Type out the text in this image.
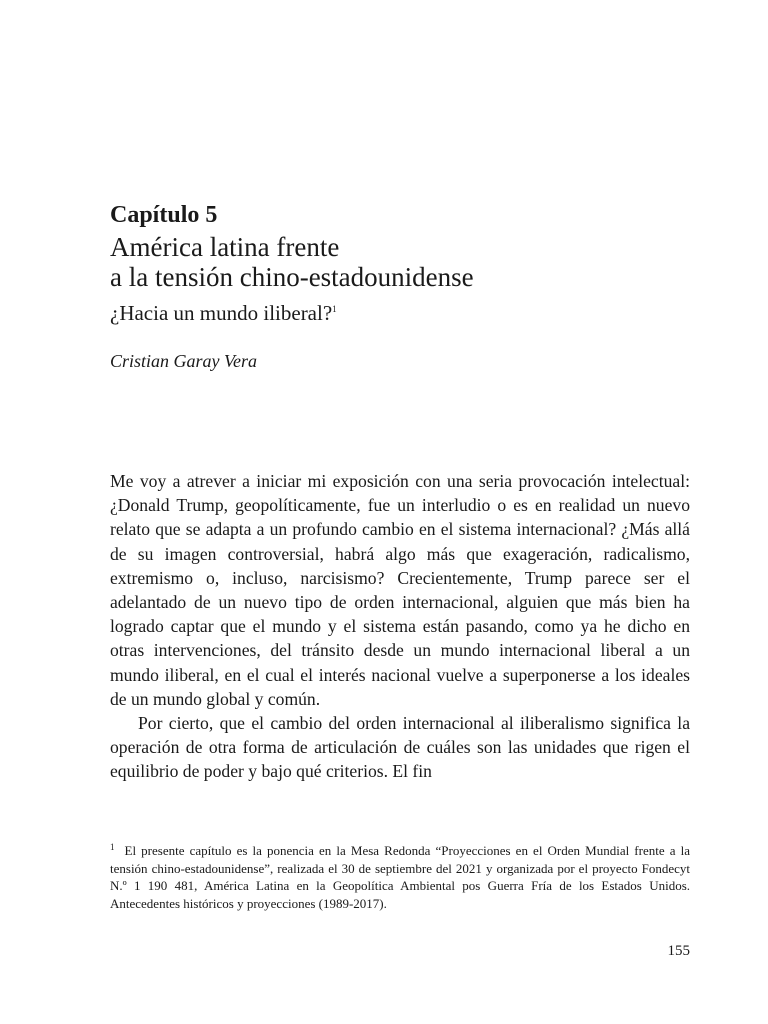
Capítulo 5
América latina frente
a la tensión chino-estadounidense
¿Hacia un mundo iliberal?$^1$
Cristian Garay Vera

Me voy a atrever a iniciar mi exposición con una seria provocación intelectual: ¿Donald Trump, geopolíticamente, fue un interludio o es en realidad un nuevo relato que se adapta a un profundo cambio en el sistema internacional? ¿Más allá de su imagen controversial, habrá algo más que exageración, radicalismo, extremismo o, incluso, narcisismo? Crecientemente, Trump parece ser el adelantado de un nuevo tipo de orden internacional, alguien que más bien ha logrado captar que el mundo y el sistema están pasando, como ya he dicho en otras intervenciones, del tránsito desde un mundo internacional liberal a un mundo iliberal, en el cual el interés nacional vuelve a superponerse a los ideales de un mundo global y común.

Por cierto, que el cambio del orden internacional al iliberalismo significa la operación de otra forma de articulación de cuáles son las unidades que rigen el equilibrio de poder y bajo qué criterios. El fin

$^1$ El presente capítulo es la ponencia en la Mesa Redonda “Proyecciones en el Orden Mundial frente a la tensión chino-estadounidense”, realizada el 30 de septiembre del 2021 y organizada por el proyecto Fondecyt N.º 1 190 481, América Latina en la Geopolítica Ambiental pos Guerra Fría de los Estados Unidos. Antecedentes históricos y proyecciones (1989-2017).
155
